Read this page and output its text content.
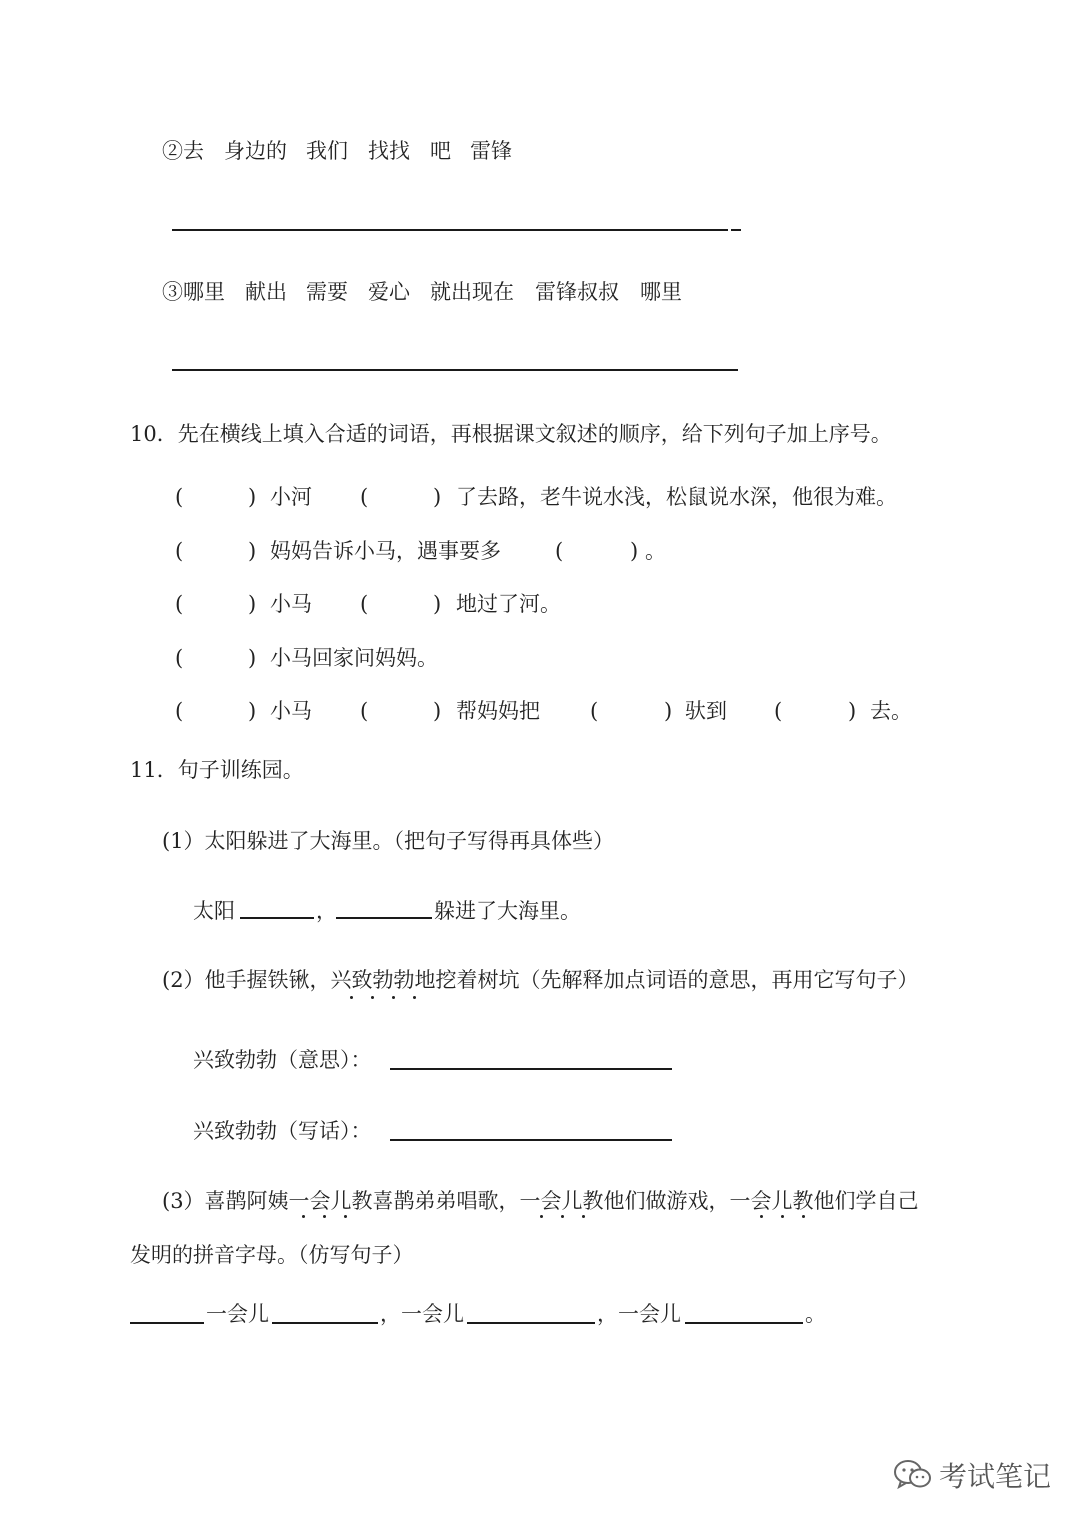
②去 身边的 我们 找找 吧 雷锋
③哪里 献出 需要 爱心 就出现在 雷锋叔叔 哪里
10．先在横线上填入合适的词语，再根据课文叙述的顺序，给下列句子加上序号。
(	) 小河 (	) 了去路，老牛说水浅，松鼠说水深，他很为难。
(	) 妈妈告诉小马，遇事要多	(	) 。
(	) 小马 (	) 地过了河。
(	) 小马回家问妈妈。
(	) 小马 (	) 帮妈妈把 (	) 驮到 (	) 去。
11．句子训练园。
(1）太阳躲进了大海里。（把句子写得再具体些）
太阳	，	躲进了大海里。
(2）他手握铁锹，兴致勃勃地挖着树坑（先解释加点词语的意思，再用它写句子）
兴致勃勃（意思）：
兴致勃勃（写话）：
(3）喜鹊阿姨一会儿教喜鹊弟弟唱歌，一会儿教他们做游戏，一会儿教他们学自己
发明的拼音字母。（仿写句子）
一会儿	， 一会儿	， 一会儿	。
考试笔记
